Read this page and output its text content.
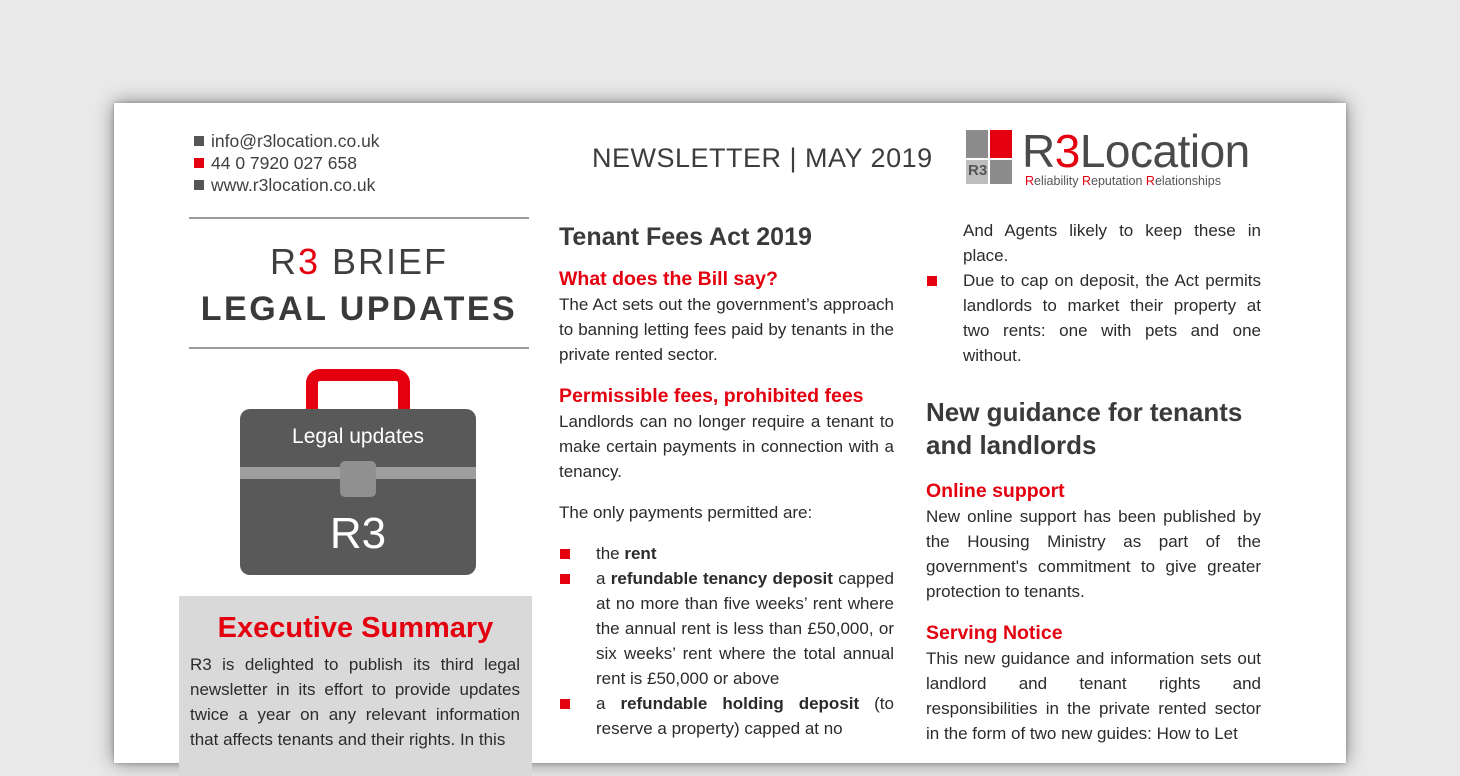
info@r3location.co.uk
44 0 7920 027 658
www.r3location.co.uk
NEWSLETTER | MAY 2019 R3 R3Location
Reliability Reputation Relationships
R3 BRIEF
LEGAL UPDATES
Legal updates
R3
Executive Summary

R3 is delighted to publish its third legal newsletter in its effort to provide updates twice a year on any relevant information that affects tenants and their rights. In this

Tenant Fees Act 2019
What does the Bill say?
The Act sets out the government’s approach to banning letting fees paid by tenants in the private rented sector.
Permissible fees, prohibited fees
Landlords can no longer require a tenant to make certain payments in connection with a tenancy.
The only payments permitted are:
the rent
a refundable tenancy deposit capped at no more than five weeks’ rent where the annual rent is less than £50,000, or six weeks’ rent where the total annual rent is £50,000 or above
a refundable holding deposit (to reserve a property) capped at no
And Agents likely to keep these in place.
Due to cap on deposit, the Act permits landlords to market their property at two rents: one with pets and one without.
New guidance for tenants and landlords
Online support
New online support has been published by the Housing Ministry as part of the government's commitment to give greater protection to tenants.
Serving Notice
This new guidance and information sets out landlord and tenant rights and responsibilities in the private rented sector in the form of two new guides: How to Let
